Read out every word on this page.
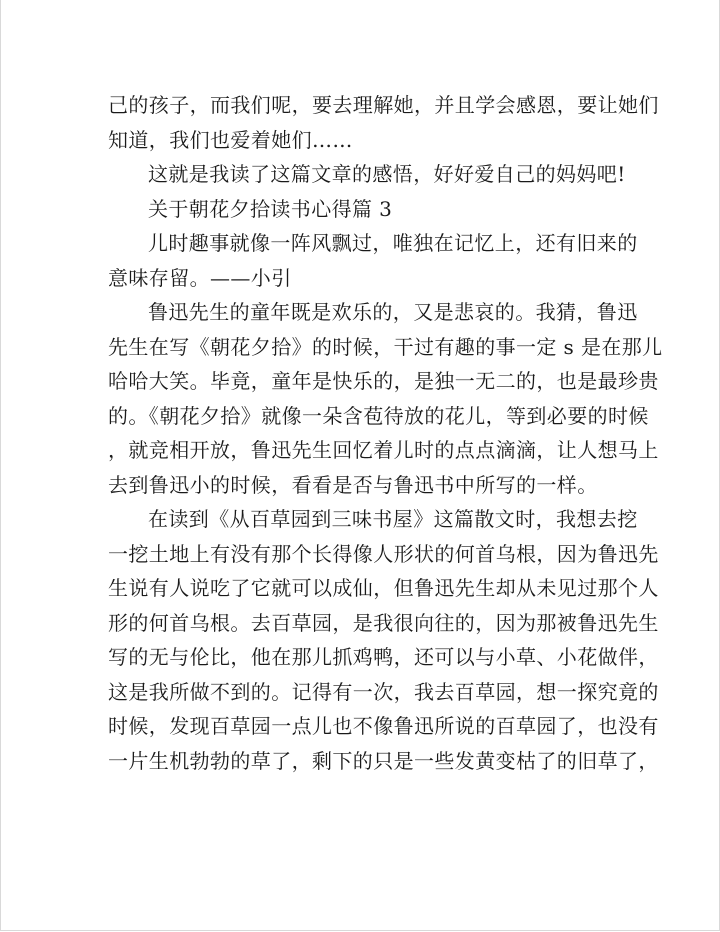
己的孩子，而我们呢，要去理解她，并且学会感恩，要让她们
知道，我们也爱着她们……
这就是我读了这篇文章的感悟，好好爱自己的妈妈吧!
关于朝花夕拾读书心得篇 3
儿时趣事就像一阵风飘过，唯独在记忆上，还有旧来的
意味存留。——小引
鲁迅先生的童年既是欢乐的，又是悲哀的。我猜，鲁迅
先生在写《朝花夕拾》的时候，干过有趣的事一定 s 是在那儿
哈哈大笑。毕竟，童年是快乐的，是独一无二的，也是最珍贵
的。《朝花夕拾》就像一朵含苞待放的花儿，等到必要的时候
，就竞相开放，鲁迅先生回忆着儿时的点点滴滴，让人想马上
去到鲁迅小的时候，看看是否与鲁迅书中所写的一样。
在读到《从百草园到三味书屋》这篇散文时，我想去挖
一挖土地上有没有那个长得像人形状的何首乌根，因为鲁迅先
生说有人说吃了它就可以成仙，但鲁迅先生却从未见过那个人
形的何首乌根。去百草园，是我很向往的，因为那被鲁迅先生
写的无与伦比，他在那儿抓鸡鸭，还可以与小草、小花做伴，
这是我所做不到的。记得有一次，我去百草园，想一探究竟的
时候，发现百草园一点儿也不像鲁迅所说的百草园了，也没有
一片生机勃勃的草了，剩下的只是一些发黄变枯了的旧草了，
